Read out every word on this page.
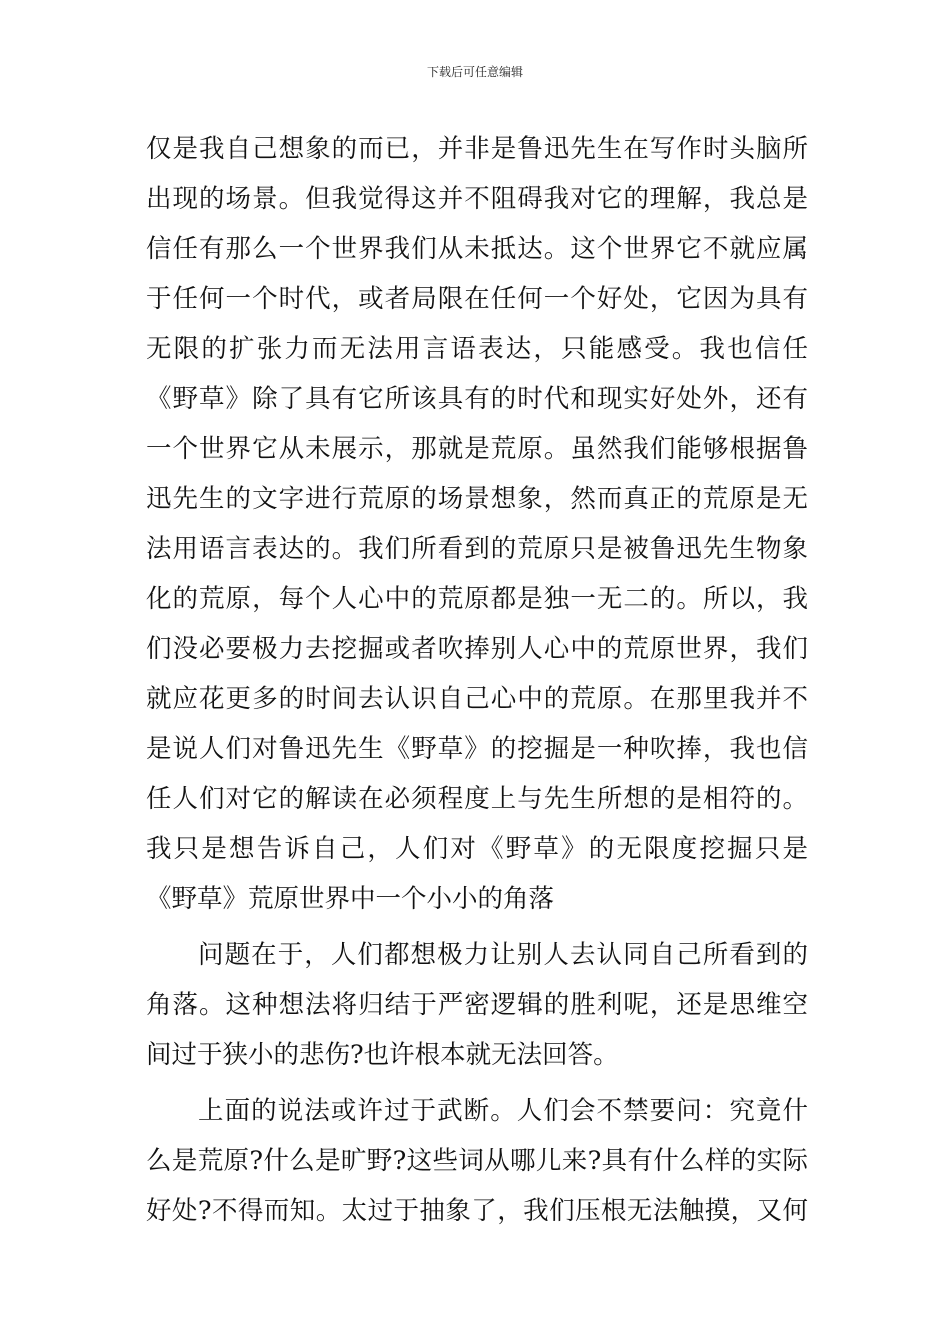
下载后可任意编辑
仅是我自己想象的而已，并非是鲁迅先生在写作时头脑所
出现的场景。但我觉得这并不阻碍我对它的理解，我总是
信任有那么一个世界我们从未抵达。这个世界它不就应属
于任何一个时代，或者局限在任何一个好处，它因为具有
无限的扩张力而无法用言语表达，只能感受。我也信任
《野草》除了具有它所该具有的时代和现实好处外，还有
一个世界它从未展示，那就是荒原。虽然我们能够根据鲁
迅先生的文字进行荒原的场景想象，然而真正的荒原是无
法用语言表达的。我们所看到的荒原只是被鲁迅先生物象
化的荒原，每个人心中的荒原都是独一无二的。所以，我
们没必要极力去挖掘或者吹捧别人心中的荒原世界，我们
就应花更多的时间去认识自己心中的荒原。在那里我并不
是说人们对鲁迅先生《野草》的挖掘是一种吹捧，我也信
任人们对它的解读在必须程度上与先生所想的是相符的。
我只是想告诉自己，人们对《野草》的无限度挖掘只是
《野草》荒原世界中一个小小的角落
问题在于，人们都想极力让别人去认同自己所看到的
角落。这种想法将归结于严密逻辑的胜利呢，还是思维空
间过于狭小的悲伤?也许根本就无法回答。
上面的说法或许过于武断。人们会不禁要问：究竟什
么是荒原?什么是旷野?这些词从哪儿来?具有什么样的实际
好处?不得而知。太过于抽象了，我们压根无法触摸，又何
